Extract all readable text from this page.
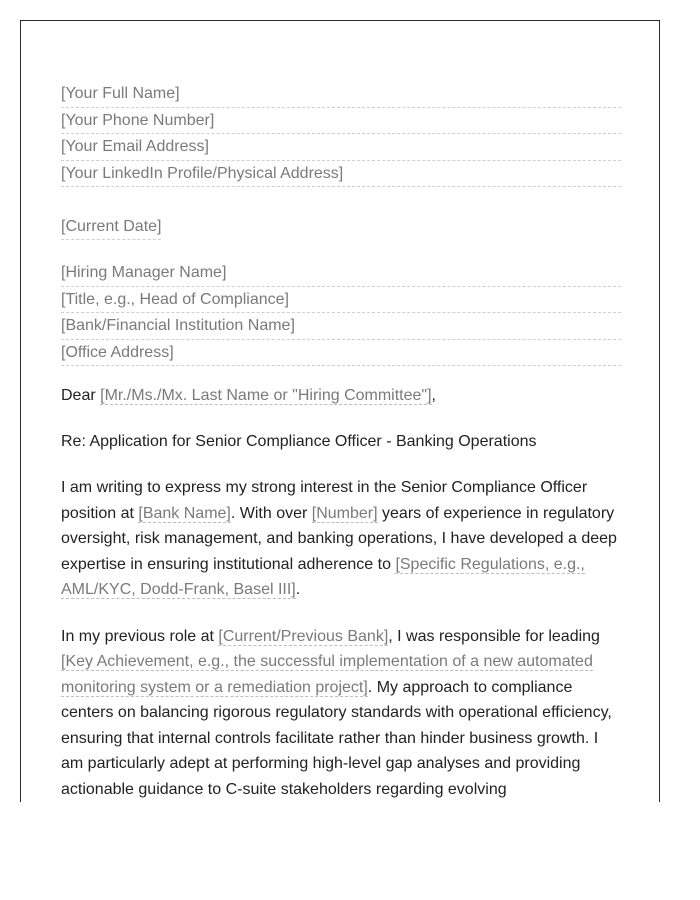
[Your Full Name]
[Your Phone Number]
[Your Email Address]
[Your LinkedIn Profile/Physical Address]
[Current Date]
[Hiring Manager Name]
[Title, e.g., Head of Compliance]
[Bank/Financial Institution Name]
[Office Address]
Dear [Mr./Ms./Mx. Last Name or "Hiring Committee"],
Re: Application for Senior Compliance Officer - Banking Operations
I am writing to express my strong interest in the Senior Compliance Officer position at [Bank Name]. With over [Number] years of experience in regulatory oversight, risk management, and banking operations, I have developed a deep expertise in ensuring institutional adherence to [Specific Regulations, e.g., AML/KYC, Dodd-Frank, Basel III].
In my previous role at [Current/Previous Bank], I was responsible for leading [Key Achievement, e.g., the successful implementation of a new automated monitoring system or a remediation project]. My approach to compliance centers on balancing rigorous regulatory standards with operational efficiency, ensuring that internal controls facilitate rather than hinder business growth. I am particularly adept at performing high-level gap analyses and providing actionable guidance to C-suite stakeholders regarding evolving
